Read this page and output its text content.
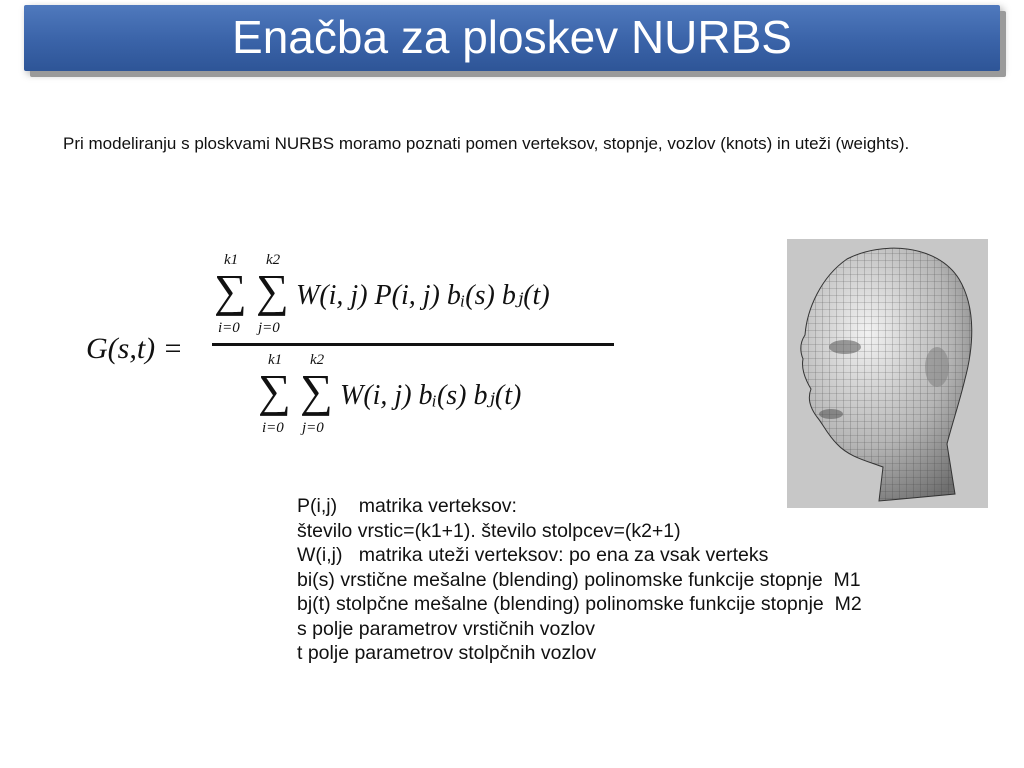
Enačba za ploskev NURBS
Pri modeliranju s ploskvami NURBS moramo poznati pomen verteksov, stopnje, vozlov (knots) in uteži (weights).
G(s,t) =
k1
∑
i=0
k2
∑
j=0
W(i, j) P(i, j) bᵢ(s) bⱼ(t)
k1
∑
i=0
k2
∑
j=0
W(i, j) bᵢ(s) bⱼ(t)
P(i,j)    matrika verteksov:
število vrstic=(k1+1). število stolpcev=(k2+1)
W(i,j)   matrika uteži verteksov: po ena za vsak verteks
bi(s) vrstične mešalne (blending) polinomske funkcije stopnje  M1
bj(t) stolpčne mešalne (blending) polinomske funkcije stopnje  M2
s polje parametrov vrstičnih vozlov
t polje parametrov stolpčnih vozlov
